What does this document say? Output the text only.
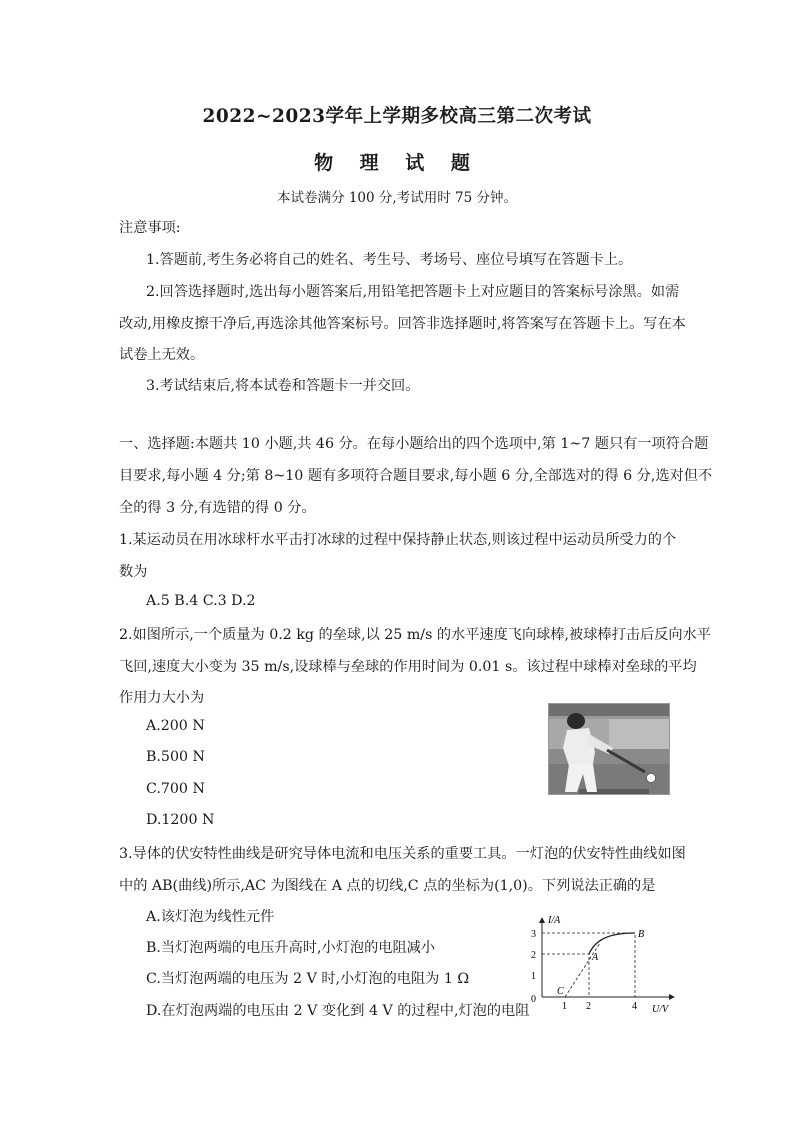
2022~2023学年上学期多校高三第二次考试
物 理 试 题
本试卷满分 100 分,考试用时 75 分钟。
注意事项:
1.答题前,考生务必将自己的姓名、考生号、考场号、座位号填写在答题卡上。
2.回答选择题时,选出每小题答案后,用铅笔把答题卡上对应题目的答案标号涂黑。如需
改动,用橡皮擦干净后,再选涂其他答案标号。回答非选择题时,将答案写在答题卡上。写在本
试卷上无效。
3.考试结束后,将本试卷和答题卡一并交回。
一、选择题:本题共 10 小题,共 46 分。在每小题给出的四个选项中,第 1~7 题只有一项符合题
目要求,每小题 4 分;第 8~10 题有多项符合题目要求,每小题 6 分,全部选对的得 6 分,选对但不
全的得 3 分,有选错的得 0 分。
1.某运动员在用冰球杆水平击打冰球的过程中保持静止状态,则该过程中运动员所受力的个
数为
A.5 B.4 C.3 D.2
2.如图所示,一个质量为 0.2 kg 的垒球,以 25 m/s 的水平速度飞向球棒,被球棒打击后反向水平
飞回,速度大小变为 35 m/s,设球棒与垒球的作用时间为 0.01 s。该过程中球棒对垒球的平均
作用力大小为
A.200 N
B.500 N
C.700 N
D.1200 N
3.导体的伏安特性曲线是研究导体电流和电压关系的重要工具。一灯泡的伏安特性曲线如图
中的 AB(曲线)所示,AC 为图线在 A 点的切线,C 点的坐标为(1,0)。下列说法正确的是
A.该灯泡为线性元件
B.当灯泡两端的电压升高时,小灯泡的电阻减小
C.当灯泡两端的电压为 2 V 时,小灯泡的电阻为 1 Ω
D.在灯泡两端的电压由 2 V 变化到 4 V 的过程中,灯泡的电阻
I/A
U/V
0
1 2	4
1
2
3
A
B
C
